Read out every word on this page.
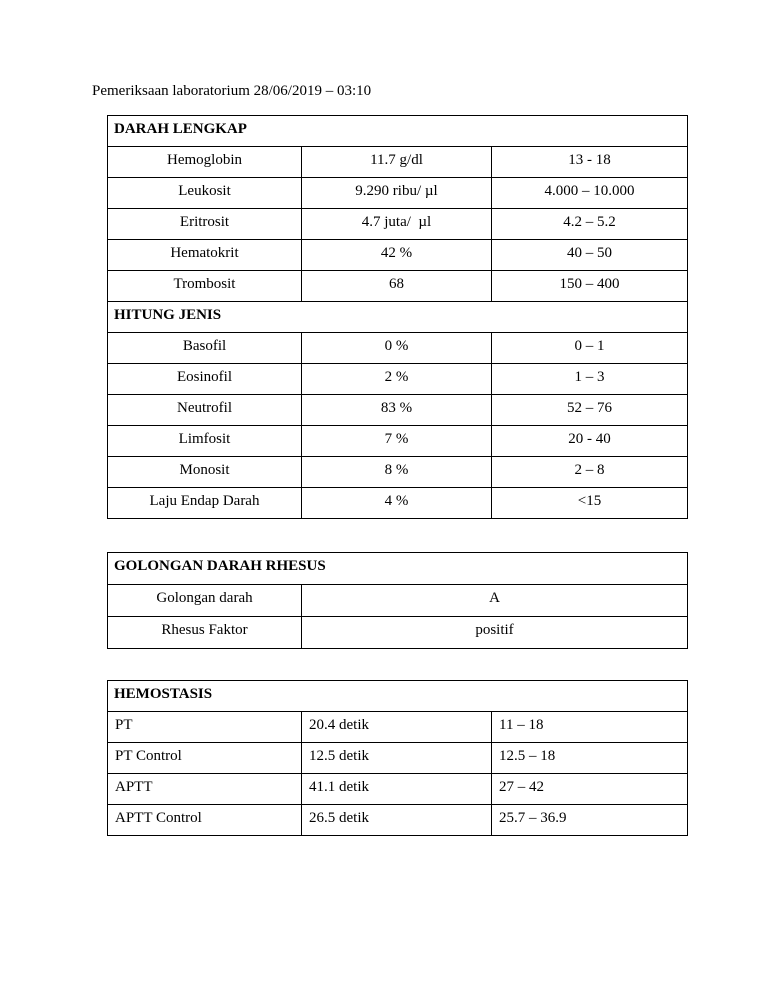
Pemeriksaan laboratorium 28/06/2019 – 03:10
DARAH LENGKAP		
Hemoglobin	11.7 g/dl	13 - 18
Leukosit	9.290 ribu/ µl	4.000 – 10.000
Eritrosit	4.7 juta/  µl	4.2 – 5.2
Hematokrit	42 %	40 – 50
Trombosit	68	150 – 400
HITUNG JENIS		
Basofil	0 %	0 – 1
Eosinofil	2 %	1 – 3
Neutrofil	83 %	52 – 76
Limfosit	7 %	20 - 40
Monosit	8 %	2 – 8
Laju Endap Darah	4 %	<15
GOLONGAN DARAH RHESUS	
Golongan darah	A
Rhesus Faktor	positif
HEMOSTASIS		
PT	20.4 detik	11 – 18
PT Control	12.5 detik	12.5 – 18
APTT	41.1 detik	27 – 42
APTT Control	26.5 detik	25.7 – 36.9
